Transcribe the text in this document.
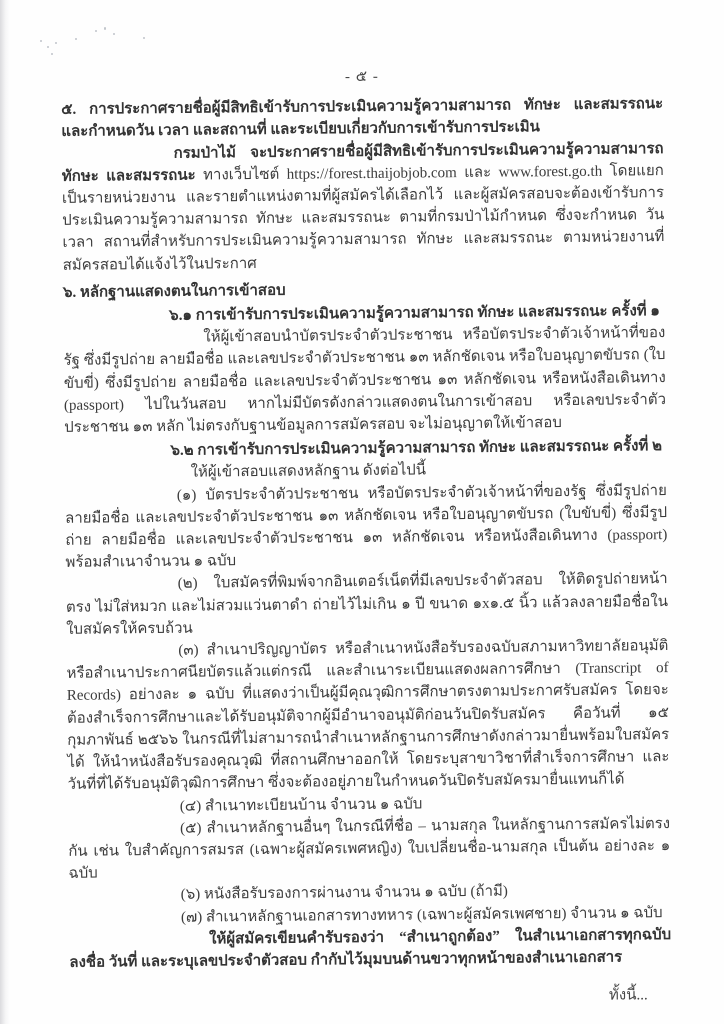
- ๕ -

๕. การประกาศรายชื่อผู้มีสิทธิเข้ารับการประเมินความรู้ความสามารถ ทักษะ และสมรรถนะ และกำหนดวัน เวลา และสถานที่ และระเบียบเกี่ยวกับการเข้ารับการประเมิน

กรมป่าไม้ จะประกาศรายชื่อผู้มีสิทธิเข้ารับการประเมินความรู้ความสามารถ ทักษะ และสมรรถนะ ทางเว็บไซต์ https://forest.thaijobjob.com และ www.forest.go.th โดยแยกเป็นรายหน่วยงาน และรายตำแหน่งตามที่ผู้สมัครได้เลือกไว้ และผู้สมัครสอบจะต้องเข้ารับการประเมินความรู้ความสามารถ ทักษะ และสมรรถนะ ตามที่กรมป่าไม้กำหนด ซึ่งจะกำหนด วัน เวลา สถานที่สำหรับการประเมินความรู้ความสามารถ ทักษะ และสมรรถนะ ตามหน่วยงานที่สมัครสอบได้แจ้งไว้ในประกาศ

๖. หลักฐานแสดงตนในการเข้าสอบ

๖.๑ การเข้ารับการประเมินความรู้ความสามารถ ทักษะ และสมรรถนะ ครั้งที่ ๑

ให้ผู้เข้าสอบนำบัตรประจำตัวประชาชน หรือบัตรประจำตัวเจ้าหน้าที่ของรัฐ ซึ่งมีรูปถ่าย ลายมือชื่อ และเลขประจำตัวประชาชน ๑๓ หลักชัดเจน หรือใบอนุญาตขับรถ (ใบขับขี่) ซึ่งมีรูปถ่าย ลายมือชื่อ และเลขประจำตัวประชาชน ๑๓ หลักชัดเจน หรือหนังสือเดินทาง (passport) ไปในวันสอบ หากไม่มีบัตรดังกล่าวแสดงตนในการเข้าสอบ หรือเลขประจำตัวประชาชน ๑๓ หลัก ไม่ตรงกับฐานข้อมูลการสมัครสอบ จะไม่อนุญาตให้เข้าสอบ

๖.๒ การเข้ารับการประเมินความรู้ความสามารถ ทักษะ และสมรรถนะ ครั้งที่ ๒

ให้ผู้เข้าสอบแสดงหลักฐาน ดังต่อไปนี้

(๑) บัตรประจำตัวประชาชน หรือบัตรประจำตัวเจ้าหน้าที่ของรัฐ ซึ่งมีรูปถ่าย ลายมือชื่อ และเลขประจำตัวประชาชน ๑๓ หลักชัดเจน หรือใบอนุญาตขับรถ (ใบขับขี่) ซึ่งมีรูปถ่าย ลายมือชื่อ และเลขประจำตัวประชาชน ๑๓ หลักชัดเจน หรือหนังสือเดินทาง (passport) พร้อมสำเนาจำนวน ๑ ฉบับ

(๒) ใบสมัครที่พิมพ์จากอินเตอร์เน็ตที่มีเลขประจำตัวสอบ ให้ติดรูปถ่ายหน้าตรง ไม่ใส่หมวก และไม่สวมแว่นตาดำ ถ่ายไว้ไม่เกิน ๑ ปี ขนาด ๑x๑.๕ นิ้ว แล้วลงลายมือชื่อในใบสมัครให้ครบถ้วน

(๓) สำเนาปริญญาบัตร หรือสำเนาหนังสือรับรองฉบับสภามหาวิทยาลัยอนุมัติหรือสำเนาประกาศนียบัตรแล้วแต่กรณี และสำเนาระเบียนแสดงผลการศึกษา (Transcript of Records) อย่างละ ๑ ฉบับ ที่แสดงว่าเป็นผู้มีคุณวุฒิการศึกษาตรงตามประกาศรับสมัคร โดยจะต้องสำเร็จการศึกษาและได้รับอนุมัติจากผู้มีอำนาจอนุมัติก่อนวันปิดรับสมัคร คือวันที่ ๑๕ กุมภาพันธ์ ๒๕๖๖ ในกรณีที่ไม่สามารถนำสำเนาหลักฐานการศึกษาดังกล่าวมายื่นพร้อมใบสมัครได้ ให้นำหนังสือรับรองคุณวุฒิ ที่สถานศึกษาออกให้ โดยระบุสาขาวิชาที่สำเร็จการศึกษา และวันที่ที่ได้รับอนุมัติวุฒิการศึกษา ซึ่งจะต้องอยู่ภายในกำหนดวันปิดรับสมัครมายื่นแทนก็ได้

(๔) สำเนาทะเบียนบ้าน จำนวน ๑ ฉบับ

(๕) สำเนาหลักฐานอื่นๆ ในกรณีที่ชื่อ – นามสกุล ในหลักฐานการสมัครไม่ตรงกัน เช่น ใบสำคัญการสมรส (เฉพาะผู้สมัครเพศหญิง) ใบเปลี่ยนชื่อ-นามสกุล เป็นต้น อย่างละ ๑ ฉบับ

(๖) หนังสือรับรองการผ่านงาน จำนวน ๑ ฉบับ (ถ้ามี)

(๗) สำเนาหลักฐานเอกสารทางทหาร (เฉพาะผู้สมัครเพศชาย) จำนวน ๑ ฉบับ

ให้ผู้สมัครเขียนคำรับรองว่า “สำเนาถูกต้อง” ในสำเนาเอกสารทุกฉบับ ลงชื่อ วันที่ และระบุเลขประจำตัวสอบ กำกับไว้มุมบนด้านขวาทุกหน้าของสำเนาเอกสาร

ทั้งนี้...
